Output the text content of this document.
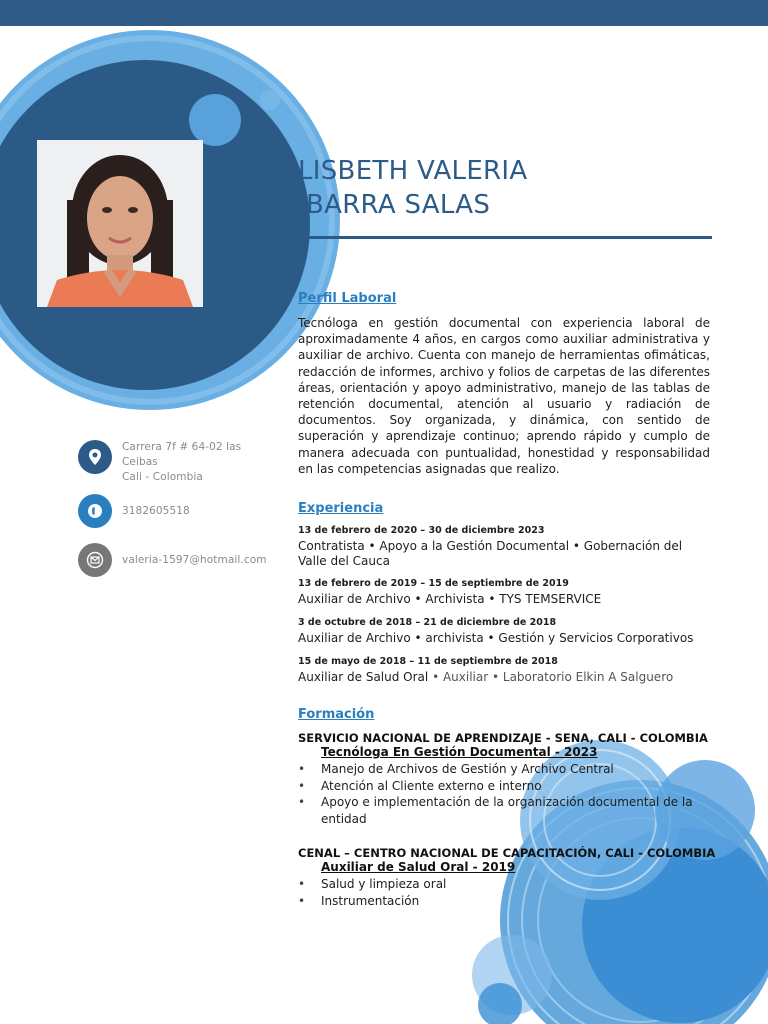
Carrera 7f # 64-02 las
Ceibas
Cali - Colombia
3182605518
valeria-1597@hotmail.com
LISBETH VALERIA
IBARRA SALAS
Perfil Laboral
Tecnóloga en gestión documental con experiencia laboral de aproximadamente 4 años, en cargos como auxiliar administrativa y auxiliar de archivo. Cuenta con manejo de herramientas ofimáticas, redacción de informes, archivo y folios de carpetas de las diferentes áreas, orientación y apoyo administrativo, manejo de las tablas de retención documental, atención al usuario y radiación de documentos. Soy organizada, y dinámica, con sentido de superación y aprendizaje continuo; aprendo rápido y cumplo de manera adecuada con puntualidad, honestidad y responsabilidad en las competencias asignadas que realizo.
Experiencia
13 de febrero de 2020 – 30 de diciembre 2023
Contratista • Apoyo a la Gestión Documental • Gobernación del Valle del Cauca
13 de febrero de 2019 – 15 de septiembre de 2019
Auxiliar de Archivo • Archivista • TYS TEMSERVICE
3 de octubre de 2018 – 21 de diciembre de 2018
Auxiliar de Archivo • archivista • Gestión y Servicios Corporativos
15 de mayo de 2018 – 11 de septiembre de 2018
Auxiliar de Salud Oral • Auxiliar • Laboratorio Elkin A Salguero
Formación
SERVICIO NACIONAL DE APRENDIZAJE - SENA, CALI - COLOMBIA
Tecnóloga En Gestión Documental - 2023
• Manejo de Archivos de Gestión y Archivo Central
• Atención al Cliente externo e interno
• Apoyo e implementación de la organización documental de la entidad
CENAL – CENTRO NACIONAL DE CAPACITACIÓN, CALI - COLOMBIA
Auxiliar de Salud Oral - 2019
• Salud y limpieza oral
• Instrumentación
